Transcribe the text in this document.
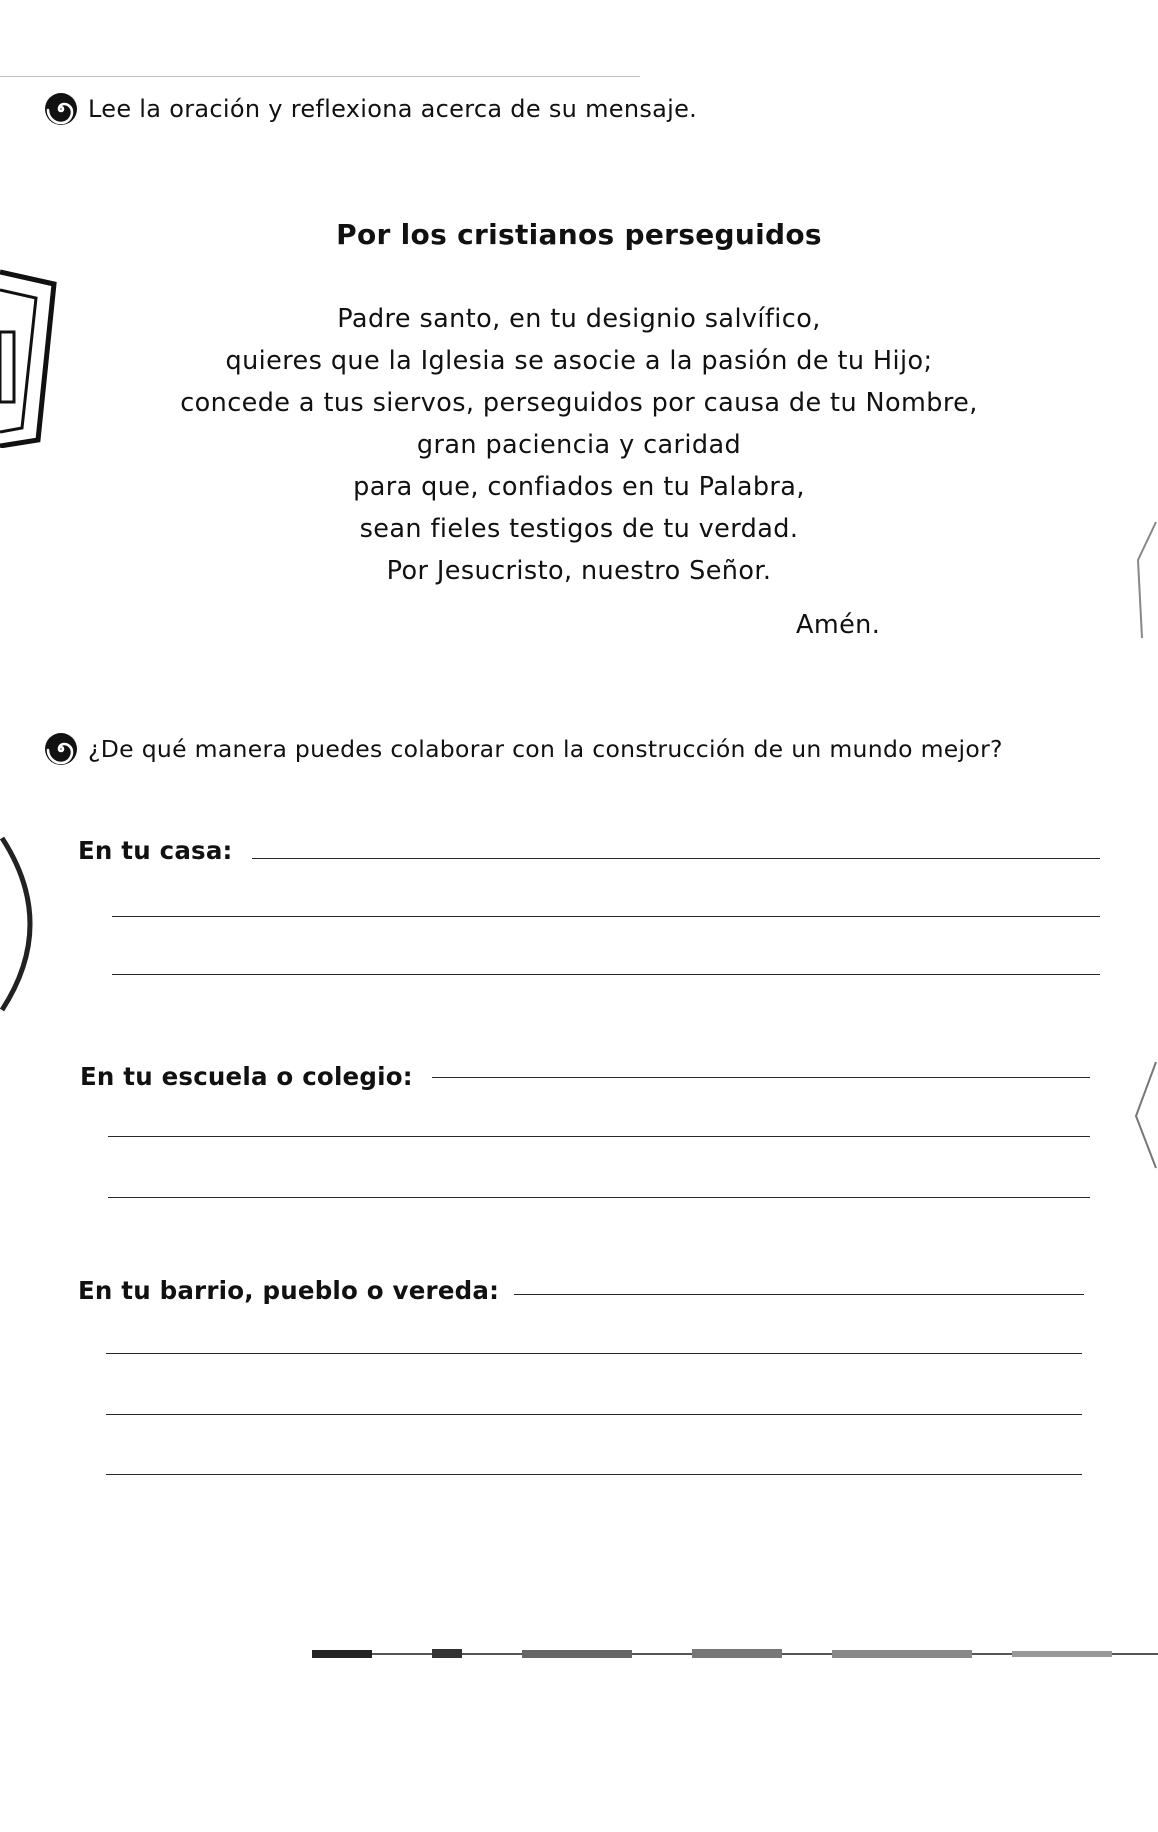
Lee la oración y reflexiona acerca de su mensaje.
Por los cristianos perseguidos
Padre santo, en tu designio salvífico,
quieres que la Iglesia se asocie a la pasión de tu Hijo;
concede a tus siervos, perseguidos por causa de tu Nombre,
gran paciencia y caridad
para que, confiados en tu Palabra,
sean fieles testigos de tu verdad.
Por Jesucristo, nuestro Señor.
Amén.
¿De qué manera puedes colaborar con la construcción de un mundo mejor?
En tu casa:
En tu escuela o colegio:
En tu barrio, pueblo o vereda:
